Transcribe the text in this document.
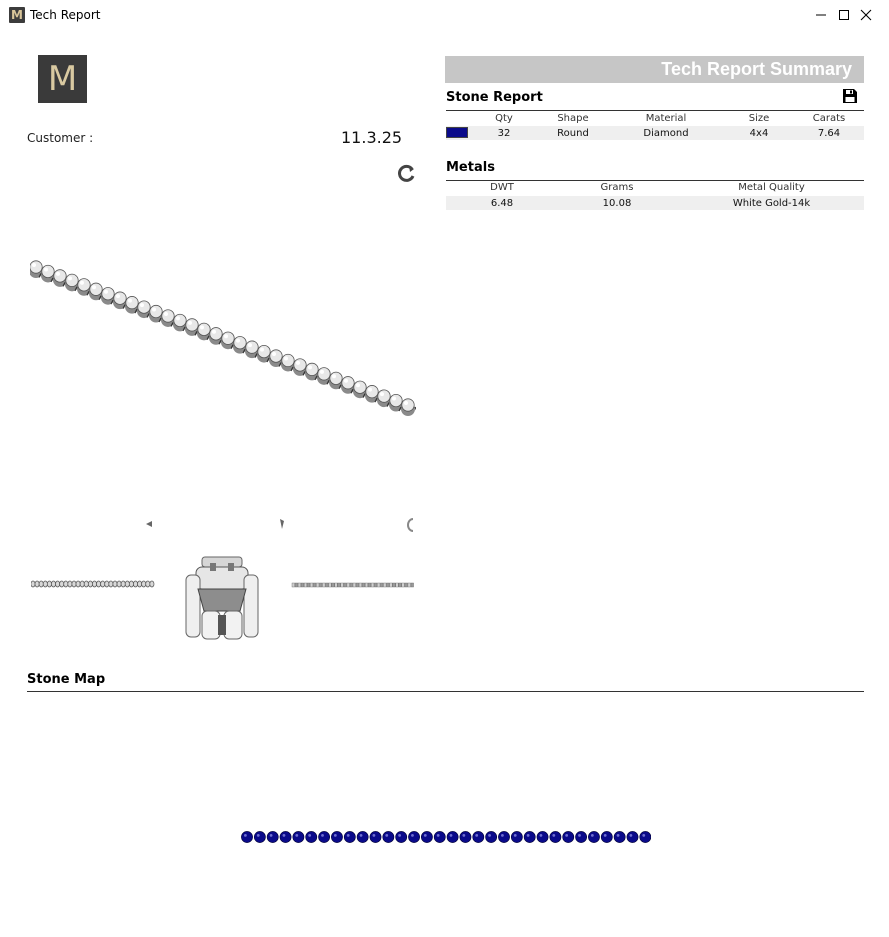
M Tech Report
M
Customer :	11.3.25
Tech Report Summary
Stone Report
Qty	Shape	Material	Size	Carats
32	Round	Diamond	4x4	7.64
Metals
DWT	Grams	Metal Quality
6.48	10.08	White Gold-14k
Stone Map
